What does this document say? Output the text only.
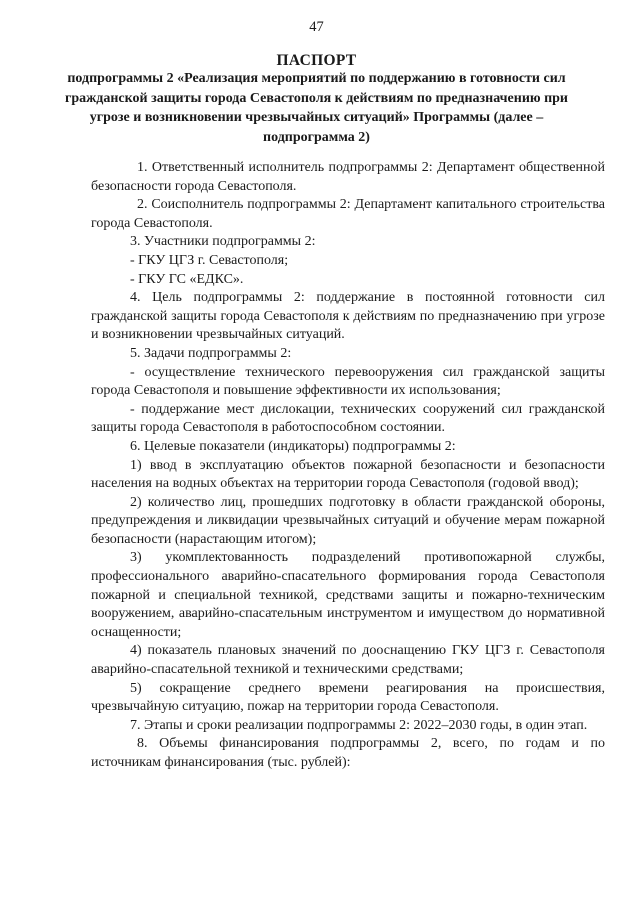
47
ПАСПОРТ
подпрограммы 2 «Реализация мероприятий по поддержанию в готовности сил гражданской защиты города Севастополя к действиям по предназначению при угрозе и возникновении чрезвычайных ситуаций» Программы (далее – подпрограмма 2)

1. Ответственный исполнитель подпрограммы 2: Департамент общественной безопасности города Севастополя.

2. Соисполнитель подпрограммы 2: Департамент капитального строительства города Севастополя.

3. Участники подпрограммы 2:

- ГКУ ЦГЗ г. Севастополя;

- ГКУ ГС «ЕДКС».

4. Цель подпрограммы 2: поддержание в постоянной готовности сил гражданской защиты города Севастополя к действиям по предназначению при угрозе и возникновении чрезвычайных ситуаций.

5. Задачи подпрограммы 2:

- осуществление технического перевооружения сил гражданской защиты города Севастополя и повышение эффективности их использования;

- поддержание мест дислокации, технических сооружений сил гражданской защиты города Севастополя в работоспособном состоянии.

6. Целевые показатели (индикаторы) подпрограммы 2:

1) ввод в эксплуатацию объектов пожарной безопасности и безопасности населения на водных объектах на территории города Севастополя (годовой ввод);

2) количество лиц, прошедших подготовку в области гражданской обороны, предупреждения и ликвидации чрезвычайных ситуаций и обучение мерам пожарной безопасности (нарастающим итогом);

3) укомплектованность подразделений противопожарной службы, профессионального аварийно-спасательного формирования города Севастополя пожарной и специальной техникой, средствами защиты и пожарно-техническим вооружением, аварийно-спасательным инструментом и имуществом до нормативной оснащенности;

4) показатель плановых значений по дооснащению ГКУ ЦГЗ г. Севастополя аварийно-спасательной техникой и техническими средствами;

5) сокращение среднего времени реагирования на происшествия, чрезвычайную ситуацию, пожар на территории города Севастополя.

7. Этапы и сроки реализации подпрограммы 2: 2022–2030 годы, в один этап.

8. Объемы финансирования подпрограммы 2, всего, по годам и по источникам финансирования (тыс. рублей):
